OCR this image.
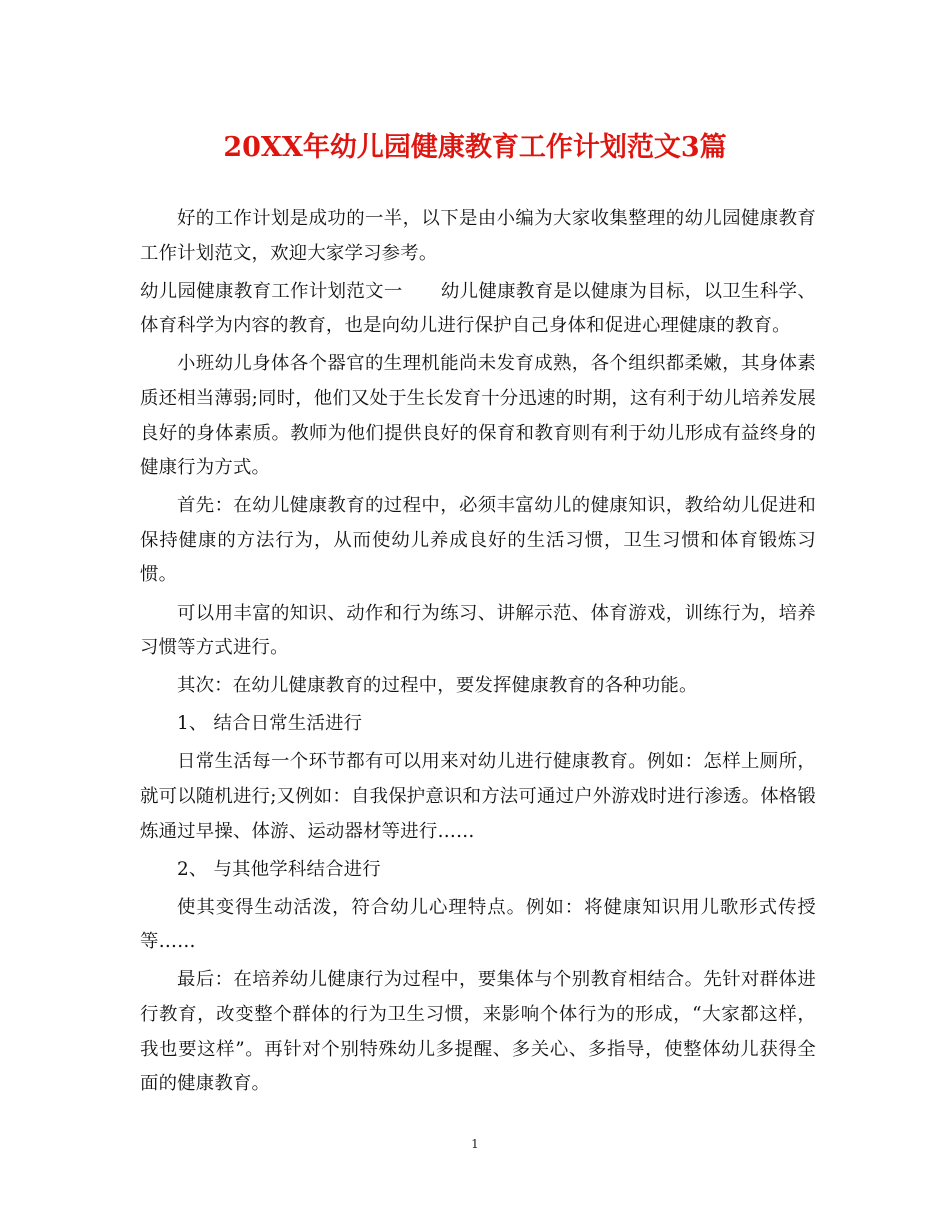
20XX年幼儿园健康教育工作计划范文3篇

好的工作计划是成功的一半，以下是由小编为大家收集整理的幼儿园健康教育工作计划范文，欢迎大家学习参考。

幼儿园健康教育工作计划范文一 幼儿健康教育是以健康为目标，以卫生科学、体育科学为内容的教育，也是向幼儿进行保护自己身体和促进心理健康的教育。

小班幼儿身体各个器官的生理机能尚未发育成熟，各个组织都柔嫩，其身体素质还相当薄弱;同时，他们又处于生长发育十分迅速的时期，这有利于幼儿培养发展良好的身体素质。教师为他们提供良好的保育和教育则有利于幼儿形成有益终身的健康行为方式。

首先：在幼儿健康教育的过程中，必须丰富幼儿的健康知识，教给幼儿促进和保持健康的方法行为，从而使幼儿养成良好的生活习惯，卫生习惯和体育锻炼习惯。

可以用丰富的知识、动作和行为练习、讲解示范、体育游戏，训练行为，培养习惯等方式进行。

其次：在幼儿健康教育的过程中，要发挥健康教育的各种功能。

1、 结合日常生活进行

日常生活每一个环节都有可以用来对幼儿进行健康教育。例如：怎样上厕所，就可以随机进行;又例如：自我保护意识和方法可通过户外游戏时进行渗透。体格锻炼通过早操、体游、运动器材等进行……

2、 与其他学科结合进行

使其变得生动活泼，符合幼儿心理特点。例如：将健康知识用儿歌形式传授等……

最后：在培养幼儿健康行为过程中，要集体与个别教育相结合。先针对群体进行教育，改变整个群体的行为卫生习惯，来影响个体行为的形成，“大家都这样，我也要这样”。再针对个别特殊幼儿多提醒、多关心、多指导，使整体幼儿获得全面的健康教育。

1
